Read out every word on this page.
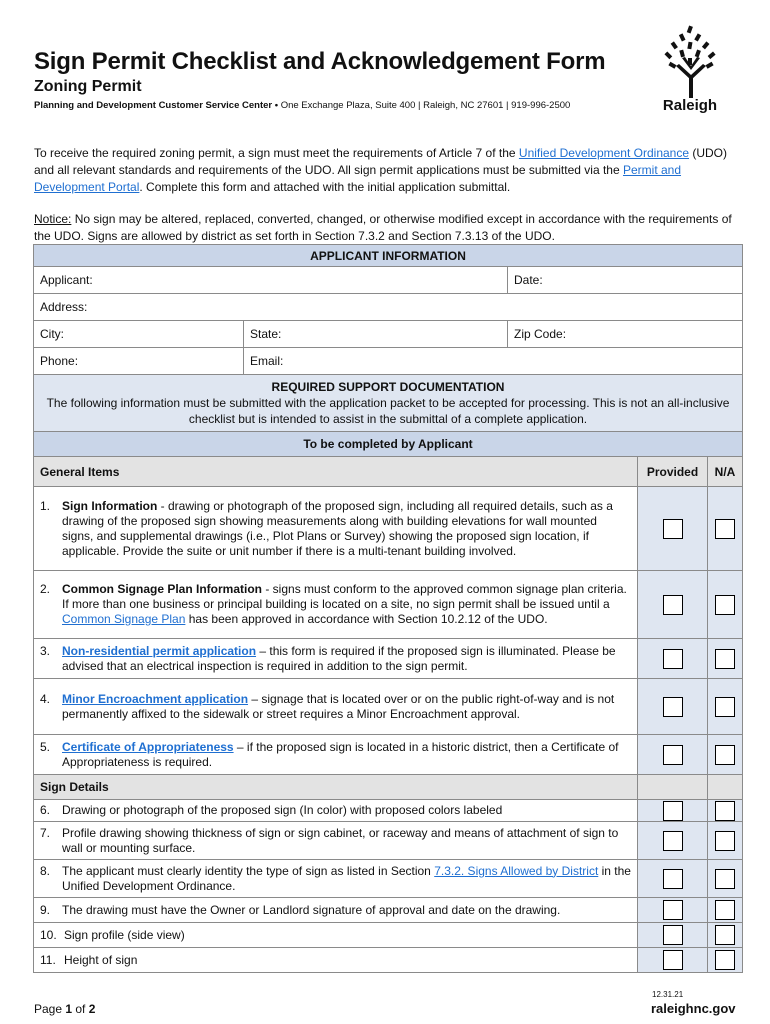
Sign Permit Checklist and Acknowledgement Form
Zoning Permit
Planning and Development Customer Service Center • One Exchange Plaza, Suite 400 | Raleigh, NC 27601 | 919-996-2500	Raleigh
To receive the required zoning permit, a sign must meet the requirements of Article 7 of the Unified Development Ordinance (UDO) and all relevant standards and requirements of the UDO. All sign permit applications must be submitted via the Permit and Development Portal. Complete this form and attached with the initial application submittal.
Notice: No sign may be altered, replaced, converted, changed, or otherwise modified except in accordance with the requirements of the UDO. Signs are allowed by district as set forth in Section 7.3.2 and Section 7.3.13 of the UDO.
APPLICANT INFORMATION				
Applicant:		Date:		
Address:				
City:	State:	Zip Code:		
Phone:	Email:			

REQUIRED SUPPORT DOCUMENTATION
The following information must be submitted with the application packet to be accepted for processing. This is not an all-inclusive checklist but is intended to assist in the submittal of a complete application.				

To be completed by Applicant				
General Items			Provided	N/A

1. Sign Information - drawing or photograph of the proposed sign, including all required details, such as a drawing of the proposed sign showing measurements along with building elevations for wall mounted signs, and supplemental drawings (i.e., Plot Plans or Survey) showing the proposed sign location, if applicable. Provide the suite or unit number if there is a multi-tenant building involved.				

2. Common Signage Plan Information - signs must conform to the approved common signage plan criteria. If more than one business or principal building is located on a site, no sign permit shall be issued until a Common Signage Plan has been approved in accordance with Section 10.2.12 of the UDO.				

3. Non-residential permit application – this form is required if the proposed sign is illuminated. Please be advised that an electrical inspection is required in addition to the sign permit.				

4. Minor Encroachment application – signage that is located over or on the public right-of-way and is not permanently affixed to the sidewalk or street requires a Minor Encroachment approval.				

5. Certificate of Appropriateness – if the proposed sign is located in a historic district, then a Certificate of Appropriateness is required.				

Sign Details				

6. Drawing or photograph of the proposed sign (In color) with proposed colors labeled				

7. Profile drawing showing thickness of sign or sign cabinet, or raceway and means of attachment of sign to wall or mounting surface.				

8. The applicant must clearly identity the type of sign as listed in Section 7.3.2. Signs Allowed by District in the Unified Development Ordinance.				

9. The drawing must have the Owner or Landlord signature of approval and date on the drawing.				

10. Sign profile (side view)				

11. Height of sign				

Page 1 of 2
12.31.21
raleighnc.gov
